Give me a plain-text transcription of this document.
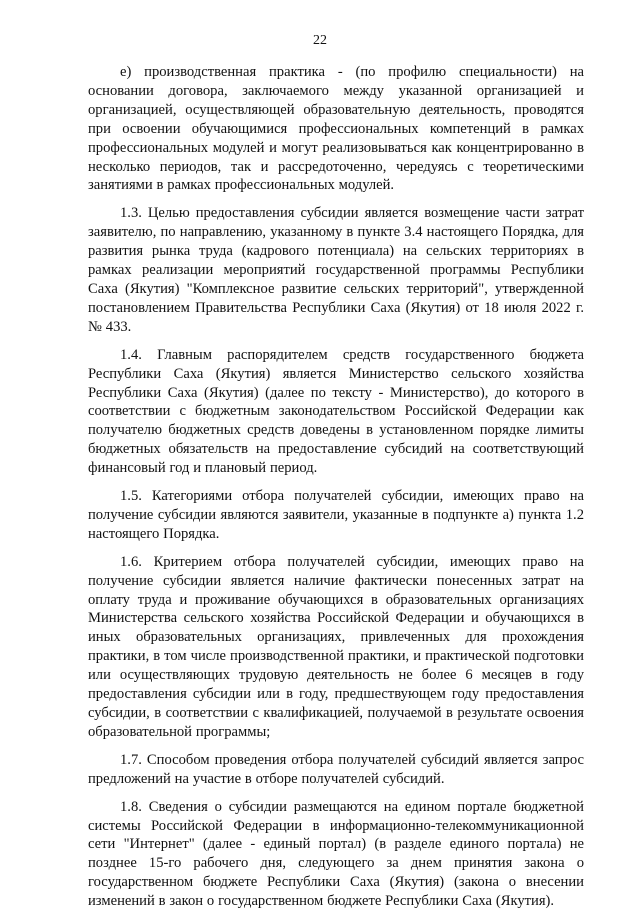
22

е) производственная практика - (по профилю специальности) на основании договора, заключаемого между указанной организацией и организацией, осуществляющей образовательную деятельность, проводятся при освоении обучающимися профессиональных компетенций в рамках профессиональных модулей и могут реализовываться как концентрированно в несколько периодов, так и рассредоточенно, чередуясь с теоретическими занятиями в рамках профессиональных модулей.

1.3. Целью предоставления субсидии является возмещение части затрат заявителю, по направлению, указанному в пункте 3.4 настоящего Порядка, для развития рынка труда (кадрового потенциала) на сельских территориях в рамках реализации мероприятий государственной программы Республики Саха (Якутия) "Комплексное развитие сельских территорий", утвержденной постановлением Правительства Республики Саха (Якутия) от 18 июля 2022 г. № 433.

1.4. Главным распорядителем средств государственного бюджета Республики Саха (Якутия) является Министерство сельского хозяйства Республики Саха (Якутия) (далее по тексту - Министерство), до которого в соответствии с бюджетным законодательством Российской Федерации как получателю бюджетных средств доведены в установленном порядке лимиты бюджетных обязательств на предоставление субсидий на соответствующий финансовый год и плановый период.

1.5. Категориями отбора получателей субсидии, имеющих право на получение субсидии являются заявители, указанные в подпункте а) пункта 1.2 настоящего Порядка.

1.6. Критерием отбора получателей субсидии, имеющих право на получение субсидии является наличие фактически понесенных затрат на оплату труда и проживание обучающихся в образовательных организациях Министерства сельского хозяйства Российской Федерации и обучающихся в иных образовательных организациях, привлеченных для прохождения практики, в том числе производственной практики, и практической подготовки или осуществляющих трудовую деятельность не более 6 месяцев в году предоставления субсидии или в году, предшествующем году предоставления субсидии, в соответствии с квалификацией, получаемой в результате освоения образовательной программы;

1.7. Способом проведения отбора получателей субсидий является запрос предложений на участие в отборе получателей субсидий.

1.8. Сведения о субсидии размещаются на едином портале бюджетной системы Российской Федерации в информационно-телекоммуникационной сети "Интернет" (далее - единый портал) (в разделе единого портала) не позднее 15-го рабочего дня, следующего за днем принятия закона о государственном бюджете Республики Саха (Якутия) (закона о внесении изменений в закон о государственном бюджете Республики Саха (Якутия).
